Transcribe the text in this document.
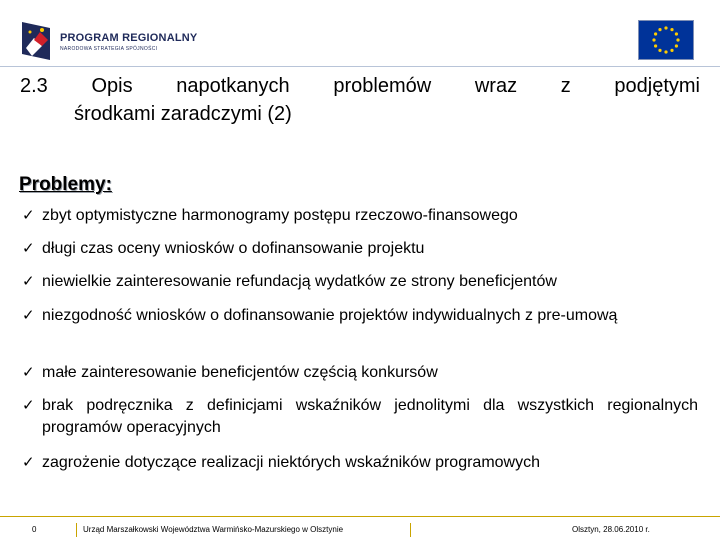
PROGRAM REGIONALNY
NARODOWA STRATEGIA SPÓJNOŚCI
2.3 Opis napotkanych problemów wraz z podjętymi
środkami zaradczymi (2)
Problemy:
✓ zbyt optymistyczne harmonogramy postępu rzeczowo-finansowego
✓ długi czas oceny wniosków o dofinansowanie projektu
✓ niewielkie zainteresowanie refundacją wydatków ze strony beneficjentów
✓ niezgodność wniosków o dofinansowanie projektów indywidualnych z pre-umową
✓ małe zainteresowanie beneficjentów częścią konkursów
✓ brak podręcznika z definicjami wskaźników jednolitymi dla wszystkich regionalnych programów operacyjnych
✓ zagrożenie dotyczące realizacji niektórych wskaźników programowych
0	Urząd Marszałkowski Województwa Warmińsko-Mazurskiego w Olsztynie	Olsztyn, 28.06.2010 r.
